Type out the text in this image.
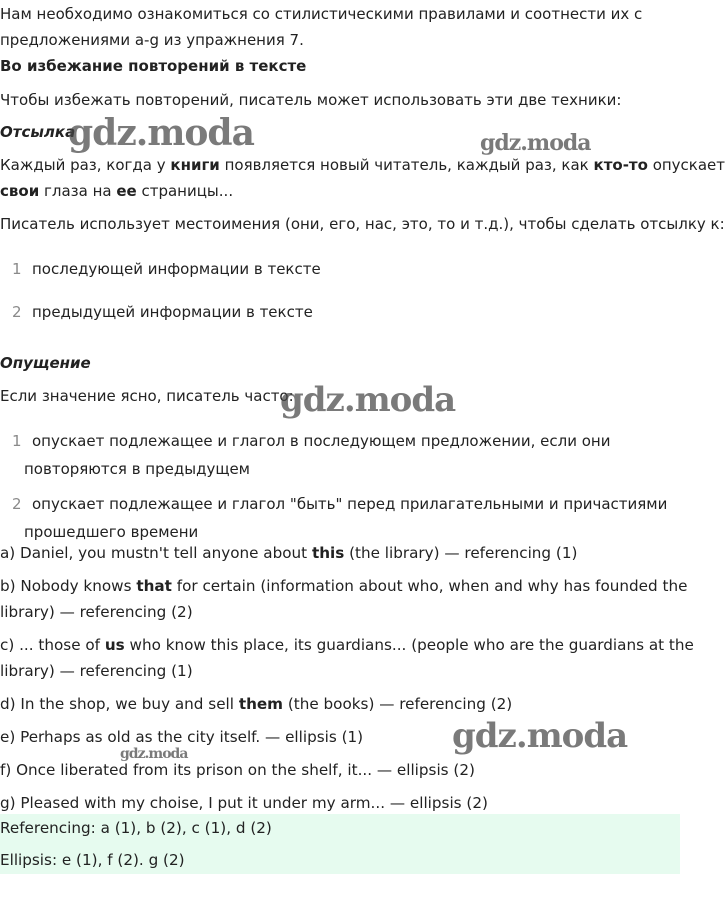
Нам необходимо ознакомиться со стилистическими правилами и соотнести их с
предложениями a-g из упражнения 7.
Во избежание повторений в тексте
Чтобы избежать повторений, писатель может использовать эти две техники:
Отсылка
Каждый раз, когда у книги появляется новый читатель, каждый раз, как кто-то опускает
свои глаза на ее страницы...
Писатель использует местоимения (они, его, нас, это, то и т.д.), чтобы сделать отсылку к:
1 последующей информации в тексте
2 предыдущей информации в тексте
Опущение
Если значение ясно, писатель часто:
1 опускает подлежащее и глагол в последующем предложении, если они
повторяются в предыдущем
2 опускает подлежащее и глагол "быть" перед прилагательными и причастиями
прошедшего времени
a) Daniel, you mustn't tell anyone about this (the library) — referencing (1)
b) Nobody knows that for certain (information about who, when and why has founded the
library) — referencing (2)
c) ... those of us who know this place, its guardians... (people who are the guardians at the
library) — referencing (1)
d) In the shop, we buy and sell them (the books) — referencing (2)
e) Perhaps as old as the city itself. — ellipsis (1)
f) Once liberated from its prison on the shelf, it... — ellipsis (2)
g) Pleased with my choise, I put it under my arm... — ellipsis (2)
Referencing: a (1), b (2), c (1), d (2)
Ellipsis: e (1), f (2). g (2)
gdz.moda	gdz.moda
gdz.moda
gdz.moda
gdz.moda
